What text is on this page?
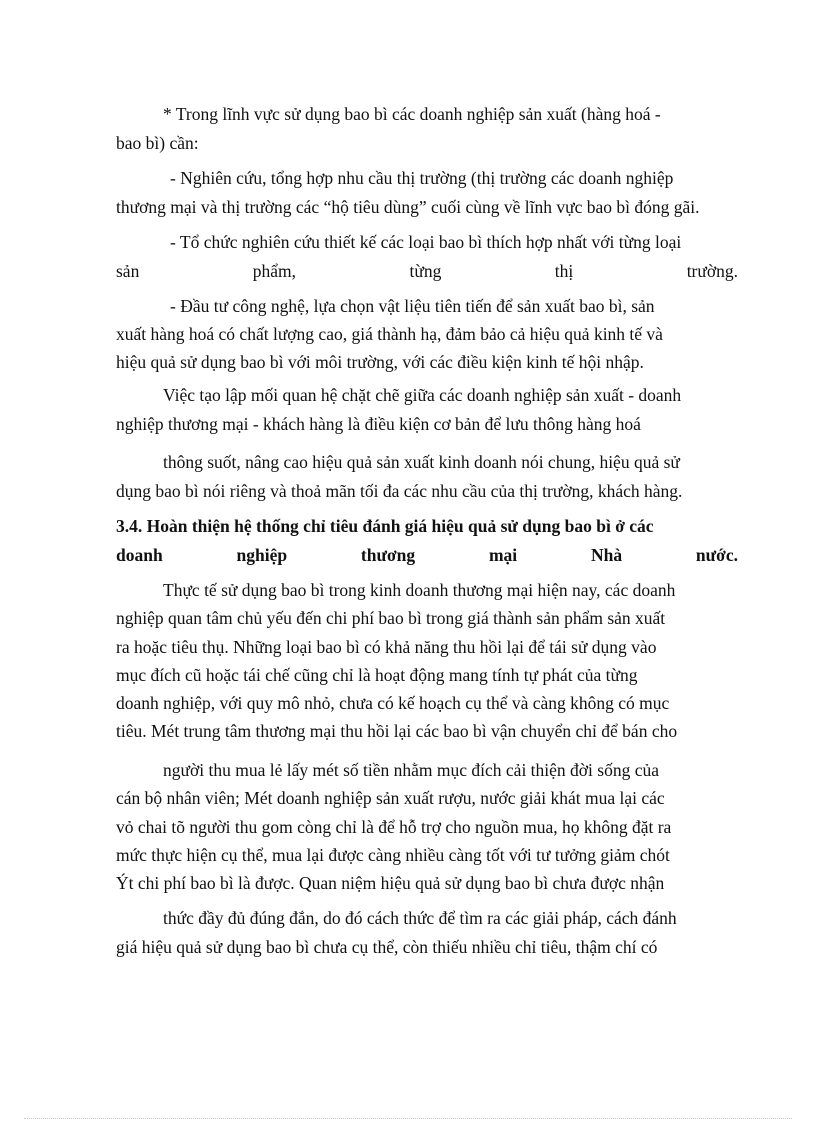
* Trong lĩnh vực sử dụng bao bì các doanh nghiệp sản xuất (hàng hoá -
bao bì) cần:
- Nghiên cứu, tổng hợp nhu cầu thị trường (thị trường các doanh nghiệp
thương mại và thị trường các “hộ tiêu dùng” cuối cùng về lĩnh vực bao bì đóng gãi.
- Tổ chức nghiên cứu thiết kế các loại bao bì thích hợp nhất với từng loại
sản	phẩm,	từng	thị	trường.
- Đầu tư công nghệ, lựa chọn vật liệu tiên tiến để sản xuất bao bì, sản
xuất hàng hoá có chất lượng cao, giá thành hạ, đảm bảo cả hiệu quả kinh tế và
hiệu quả sử dụng bao bì với môi trường, với các điều kiện kinh tế hội nhập.
Việc tạo lập mối quan hệ chặt chẽ giữa các doanh nghiệp sản xuất - doanh
nghiệp thương mại - khách hàng là điều kiện cơ bản để lưu thông hàng hoá
thông suốt, nâng cao hiệu quả sản xuất kinh doanh nói chung, hiệu quả sử
dụng bao bì nói riêng và thoả mãn tối đa các nhu cầu của thị trường, khách hàng.
3.4. Hoàn thiện hệ thống chỉ tiêu đánh giá hiệu quả sử dụng bao bì ở các
doanh	nghiệp	thương	mại	Nhà	nước.
Thực tế sử dụng bao bì trong kinh doanh thương mại hiện nay, các doanh
nghiệp quan tâm chủ yếu đến chi phí bao bì trong giá thành sản phẩm sản xuất
ra hoặc tiêu thụ. Những loại bao bì có khả năng thu hồi lại để tái sử dụng vào
mục đích cũ hoặc tái chế cũng chỉ là hoạt động mang tính tự phát của từng
doanh nghiệp, với quy mô nhỏ, chưa có kế hoạch cụ thể và càng không có mục
tiêu. Mét trung tâm thương mại thu hồi lại các bao bì vận chuyển chỉ để bán cho
người thu mua lẻ lấy mét số tiền nhằm mục đích cải thiện đời sống của
cán bộ nhân viên; Mét doanh nghiệp sản xuất rượu, nước giải khát mua lại các
vỏ chai tõ người thu gom còng chỉ là để hỗ trợ cho nguồn mua, họ không đặt ra
mức thực hiện cụ thể, mua lại được càng nhiều càng tốt với tư tưởng giảm chót
Ýt chi phí bao bì là được. Quan niệm hiệu quả sử dụng bao bì chưa được nhận
thức đầy đủ đúng đắn, do đó cách thức để tìm ra các giải pháp, cách đánh
giá hiệu quả sử dụng bao bì chưa cụ thể, còn thiếu nhiều chỉ tiêu, thậm chí có
